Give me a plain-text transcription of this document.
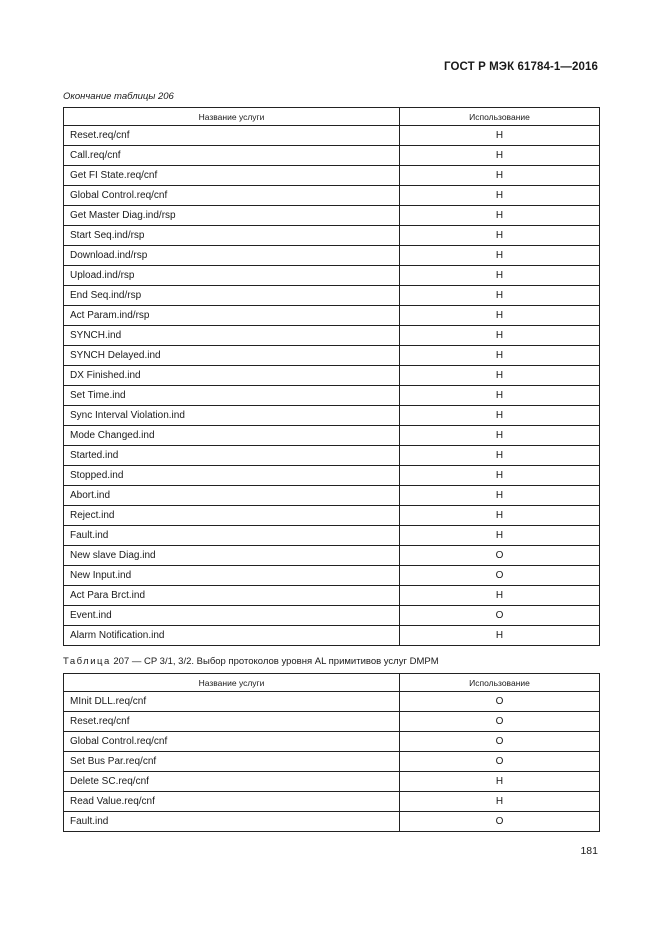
ГОСТ Р МЭК 61784-1—2016
Окончание таблицы 206
Название услуги	Использование
Reset.req/cnf	Н
Call.req/cnf	Н
Get FI State.req/cnf	Н
Global Control.req/cnf	Н
Get Master Diag.ind/rsp	Н
Start Seq.ind/rsp	Н
Download.ind/rsp	Н
Upload.ind/rsp	Н
End Seq.ind/rsp	Н
Act Param.ind/rsp	Н
SYNCH.ind	Н
SYNCH Delayed.ind	Н
DX Finished.ind	Н
Set Time.ind	Н
Sync Interval Violation.ind	Н
Mode Changed.ind	Н
Started.ind	Н
Stopped.ind	Н
Abort.ind	Н
Reject.ind	Н
Fault.ind	Н
New slave Diag.ind	О
New Input.ind	О
Act Para Brct.ind	Н
Event.ind	О
Alarm Notification.ind	Н
Таблица 207 — CP 3/1, 3/2. Выбор протоколов уровня AL примитивов услуг DMPM
Название услуги	Использование
MInit DLL.req/cnf	О
Reset.req/cnf	О
Global Control.req/cnf	О
Set Bus Par.req/cnf	О
Delete SC.req/cnf	Н
Read Value.req/cnf	Н
Fault.ind	О
181
